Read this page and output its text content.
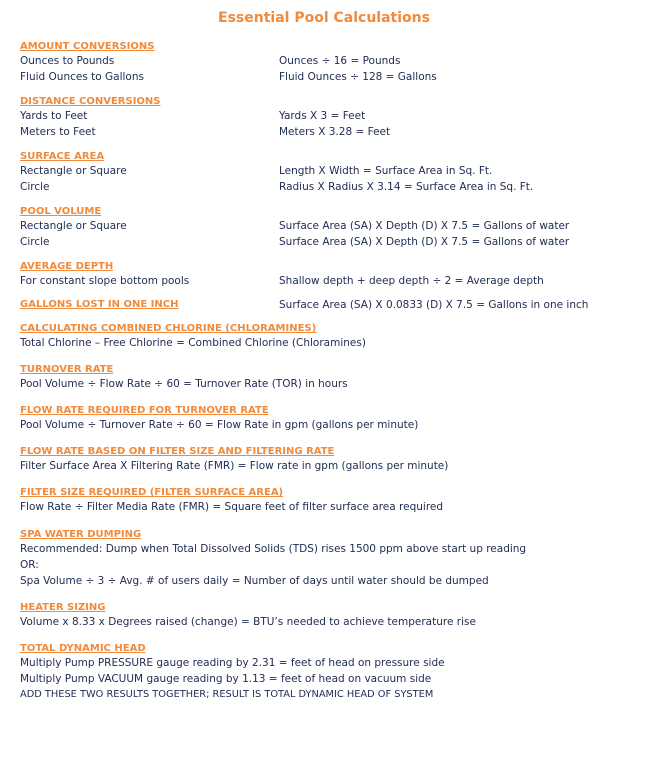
Essential Pool Calculations
AMOUNT CONVERSIONS
Ounces to Pounds	Ounces ÷ 16 = Pounds
Fluid Ounces to Gallons	Fluid Ounces ÷ 128 = Gallons
DISTANCE CONVERSIONS
Yards to Feet	Yards X 3 = Feet
Meters to Feet	Meters X 3.28 = Feet
SURFACE AREA
Rectangle or Square	Length X Width = Surface Area in Sq. Ft.
Circle	Radius X Radius X 3.14 = Surface Area in Sq. Ft.
POOL VOLUME
Rectangle or Square	Surface Area (SA) X Depth (D) X 7.5 = Gallons of water
Circle	Surface Area (SA) X Depth (D) X 7.5 = Gallons of water
AVERAGE DEPTH
For constant slope bottom pools	Shallow depth + deep depth ÷ 2 = Average depth
GALLONS LOST IN ONE INCH	Surface Area (SA) X 0.0833 (D) X 7.5 = Gallons in one inch
CALCULATING COMBINED CHLORINE (CHLORAMINES)
Total Chlorine – Free Chlorine = Combined Chlorine (Chloramines)
TURNOVER RATE
Pool Volume ÷ Flow Rate ÷ 60 = Turnover Rate (TOR) in hours
FLOW RATE REQUIRED FOR TURNOVER RATE
Pool Volume ÷ Turnover Rate ÷ 60 = Flow Rate in gpm (gallons per minute)
FLOW RATE BASED ON FILTER SIZE AND FILTERING RATE
Filter Surface Area X Filtering Rate (FMR) = Flow rate in gpm (gallons per minute)
FILTER SIZE REQUIRED (FILTER SURFACE AREA)
Flow Rate ÷ Filter Media Rate (FMR) = Square feet of filter surface area required
SPA WATER DUMPING
Recommended: Dump when Total Dissolved Solids (TDS) rises 1500 ppm above start up reading
OR:
Spa Volume ÷ 3 ÷ Avg. # of users daily = Number of days until water should be dumped
HEATER SIZING
Volume x 8.33 x Degrees raised (change) = BTU’s needed to achieve temperature rise
TOTAL DYNAMIC HEAD
Multiply Pump PRESSURE gauge reading by 2.31 = feet of head on pressure side
Multiply Pump VACUUM gauge reading by 1.13 = feet of head on vacuum side
ADD THESE TWO RESULTS TOGETHER; RESULT IS TOTAL DYNAMIC HEAD OF SYSTEM
